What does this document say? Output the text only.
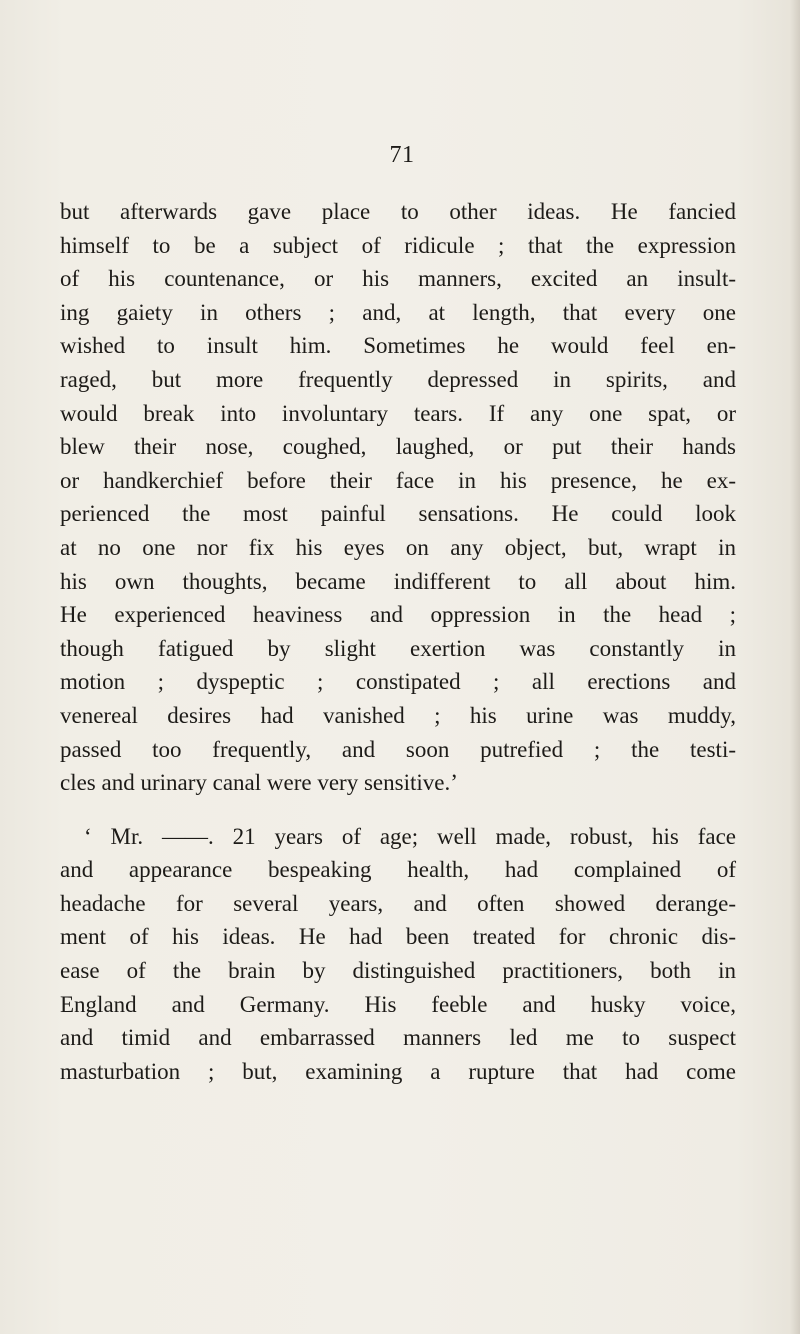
71
but afterwards gave place to other ideas. He fancied
himself to be a subject of ridicule ; that the expression
of his countenance, or his manners, excited an insult-
ing gaiety in others ; and, at length, that every one
wished to insult him. Sometimes he would feel en-
raged, but more frequently depressed in spirits, and
would break into involuntary tears. If any one spat, or
blew their nose, coughed, laughed, or put their hands
or handkerchief before their face in his presence, he ex-
perienced the most painful sensations. He could look
at no one nor fix his eyes on any object, but, wrapt in
his own thoughts, became indifferent to all about him.
He experienced heaviness and oppression in the head ;
though fatigued by slight exertion was constantly in
motion ; dyspeptic ; constipated ; all erections and
venereal desires had vanished ; his urine was muddy,
passed too frequently, and soon putrefied ; the testi-
cles and urinary canal were very sensitive.’
‘ Mr. ——. 21 years of age; well made, robust, his face
and appearance bespeaking health, had complained of
headache for several years, and often showed derange-
ment of his ideas. He had been treated for chronic dis-
ease of the brain by distinguished practitioners, both in
England and Germany. His feeble and husky voice,
and timid and embarrassed manners led me to suspect
masturbation ; but, examining a rupture that had come
